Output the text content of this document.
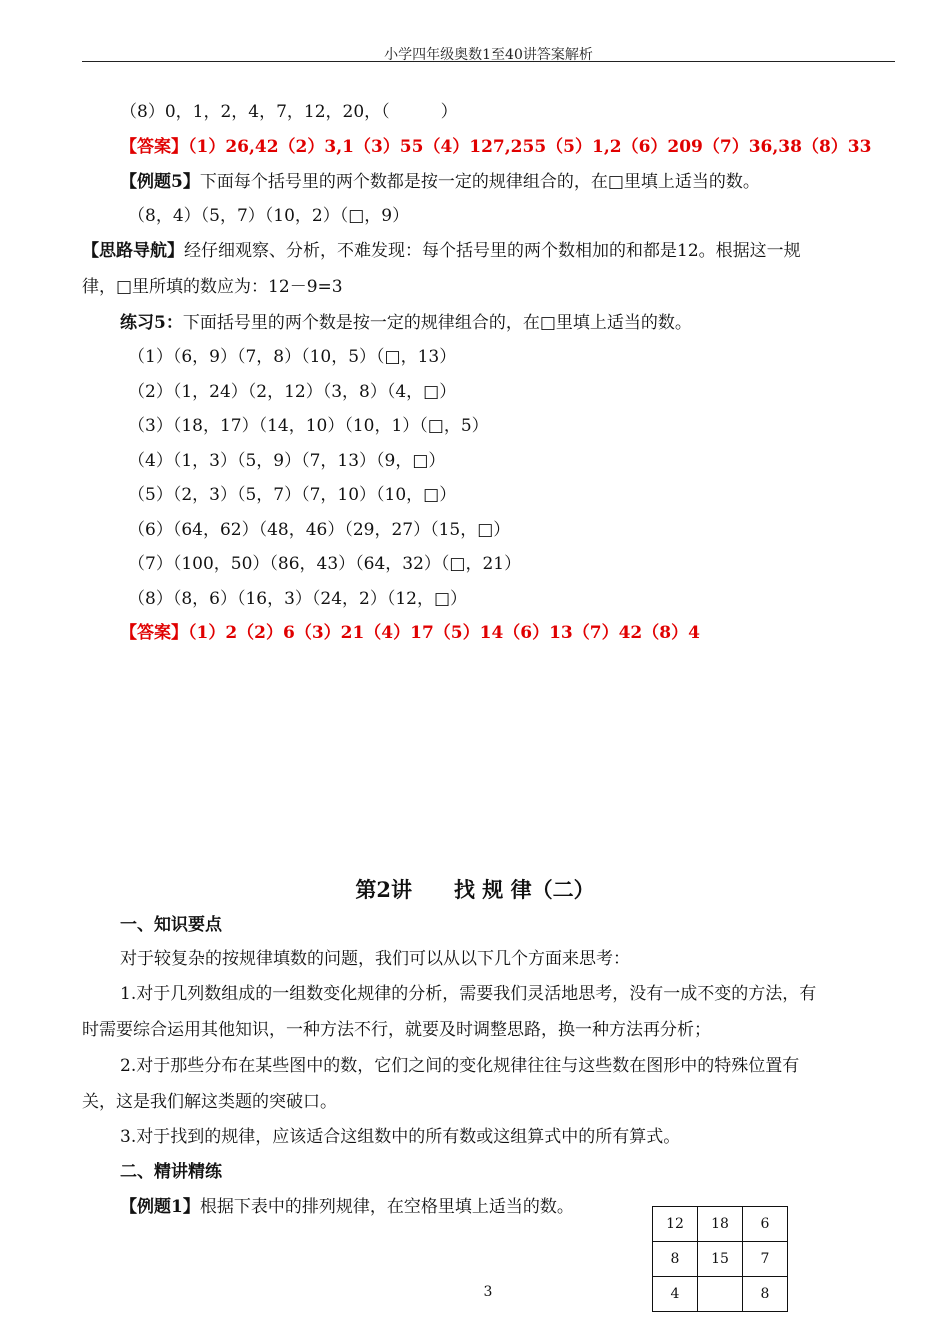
小学四年级奥数1至40讲答案解析
（8）0，1，2，4，7，12，20，（　　　）
【答案】（1）26,42（2）3,1（3）55（4）127,255（5）1,2（6）209（7）36,38（8）33
【例题5】下面每个括号里的两个数都是按一定的规律组合的，在□里填上适当的数。
（8，4）（5，7）（10，2）（□，9）
【思路导航】经仔细观察、分析，不难发现：每个括号里的两个数相加的和都是12。根据这一规
律，□里所填的数应为：12－9=3
练习5：下面括号里的两个数是按一定的规律组合的，在□里填上适当的数。
（1）（6，9）（7，8）（10，5）（□，13）
（2）（1，24）（2，12）（3，8）（4，□）
（3）（18，17）（14，10）（10，1）（□，5）
（4）（1，3）（5，9）（7，13）（9，□）
（5）（2，3）（5，7）（7，10）（10，□）
（6）（64，62）（48，46）（29，27）（15，□）
（7）（100，50）（86，43）（64，32）（□，21）
（8）（8，6）（16，3）（24，2）（12，□）
【答案】（1）2（2）6（3）21（4）17（5）14（6）13（7）42（8）4
第2讲　　找 规 律（二）
一、知识要点
对于较复杂的按规律填数的问题，我们可以从以下几个方面来思考：
1.对于几列数组成的一组数变化规律的分析，需要我们灵活地思考，没有一成不变的方法，有
时需要综合运用其他知识，一种方法不行，就要及时调整思路，换一种方法再分析；
2.对于那些分布在某些图中的数，它们之间的变化规律往往与这些数在图形中的特殊位置有
关，这是我们解这类题的突破口。
3.对于找到的规律，应该适合这组数中的所有数或这组算式中的所有算式。
二、精讲精练
【例题1】根据下表中的排列规律，在空格里填上适当的数。
12	18	6
8	15	7
4		8
3
